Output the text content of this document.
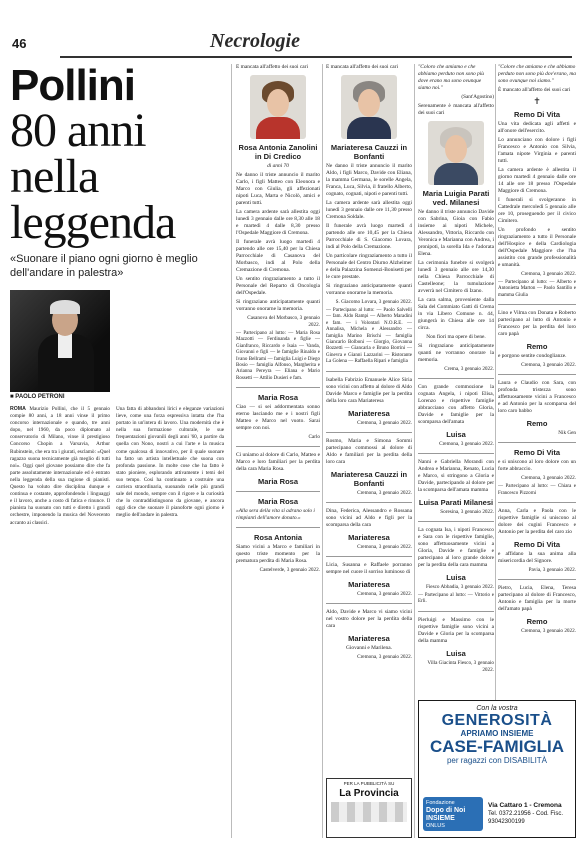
46	Necrologie
Pollini
80 anni
nella
leggenda
«Suonare il piano ogni giorno è meglio dell'andare in palestra»
■ PAOLO PETRONI
ROMA Maurizio Pollini, che il 5 gennaio compie 80 anni, a 18 anni vinse il primo concorso internazionale e quando, tre anni dopo, nel 1960, da poco diplomato al conservatorio di Milano, vinse il prestigioso Concorso Chopin a Varsavia, Arthur Rubinstein, che era tra i giurati, esclamò: «Quel ragazzo suona tecnicamente già meglio di tutti noi». Oggi quel giovane possiamo dire che fa parte assolutamente internazionale ed è entrato nella leggenda della sua ragione di pianisti. Questo ha voluto dire disciplina dunque e continua e costante, approfondendo i linguaggi e il lavoro, anche a costo di fatica e rinunce. Il pianista ha suonato con tutti e diretto i grandi orchestre, imponendo la musica del Novecento accanto ai classici.
Una fatta di abbandoni lirici e eleganze variazioni lieve, come una forza espressiva intatta che l'ha portato in un'intera di lavoro. Una modernità che è nella sua formazione culturale, le sue frequentazioni giovanili degli anni '60, a partire da quella con Nono, nostri a cui l'arte e la musica come qualcosa di innovativo, per il quale suonare ha fatto un artista intellettuale che suona con profonda passione. In molte cose che ha fatto è stato pioniere, esplorando attivamente i temi del suo tempo. Così ha continuato a costruire una carriera straordinaria, suonando nelle più grandi sale del mondo, sempre con il rigore e la curiosità che lo contraddistinguono da giovane, e ancora oggi dice che suonare il pianoforte ogni giorno è meglio dell'andare in palestra.

È mancata all'affetto dei suoi cari

Rosa Antonia Zanolini in Di Credico

di anni 70

Ne danno il triste annuncio il marito Carlo, i figli Matteo con Eleonora e Marco con Giulia, gli affezionati nipoti Luca, Marta e Nicolò, amici e parenti tutti.

La camera ardente sarà allestita oggi lunedì 3 gennaio dalle ore 8,30 alle 18 e martedì 4 dalle 8,30 presso l'Ospedale Maggiore di Cremona.

Il funerale avrà luogo martedì 4 partendo alle ore 15,40 per la Chiesa Parrocchiale di Casanova del Morbasco, indi al Polo della Cremazione di Cremona.

Un sentito ringraziamento a tutto il Personale del Reparto di Oncologia dell'Ospedale.

Si ringraziano anticipatamente quanti vorranno onorarne la memoria.

Casanova del Morbasco, 3 gennaio 2022.

— Partecipano al lutto: — Maria Rosa Mazzotti — Ferdinanda e figlie — Gianfranco, Riccardo e Isaia — Vanda, Giovanni e figli — le famiglie Rinaldo e Ivano Bellrami — famiglia Luigi e Diego Bosio — famiglia Alfonso, Margherita e Arianna Pereyra — Eliana e Mario Rossetti — Attilio Dusieri e fam.

Maria Rosa

Ciao — si sei addormentata sonno eterno lasciando me e i nostri figli Matteo e Marco nel vuoto. Sarai sempre con noi.

Carlo

Ci uniamo al dolore di Carlo, Matteo e Marco e loro familiari per la perdita della cara Maria Rosa.

Maria Rosa
Maria Rosa

«Alla sera della vita si adrano solo i rimpianti dell'amore donato.»

Rosa Antonia

Siamo vicini a Marco e familiari in questo triste momento per la prematura perdita di Maria Rosa.

Castelverde, 3 gennaio 2022.

È mancata all'affetto dei suoi cari

Mariateresa Cauzzi in Bonfanti

Ne danno il triste annuncio il marito Aldo, i figli Marco, Davide con Eliana, la mamma Germana, le sorelle Angela, Franca, Luca, Silvia, il fratello Alberto, cognato, cognati, nipoti e parenti tutti.

La camera ardente sarà allestita oggi lunedì 3 gennaio dalle ore 11,30 presso Cremona Soldale.

Il funerale avrà luogo martedì 4 partendo alle ore 10,45 per la Chiesa Parrocchiale di S. Giacomo Lovara, indi al Polo della Cremazione.

Un particolare ringraziamento a tutto il Personale del Centro Diurno Alzheimer e della Palazzina Somenzi-Bonisetti per le cure prestate.

Si ringraziano anticipatamente quanti vorranno onorarne la memoria.

S. Giacomo Lovara, 3 gennaio 2022.

— Partecipano al lutto: — Paolo Salvelli — fam. Aldo Rampi — Alberto Maradini e fam. — i Volontari N.O.R.E. — Annalisa, Michela e Alessandro — famiglia Marino Brischi — famiglia Giancarlo Bolboni — Giorgio, Giovanna Bozzetti — Giancarla e Bruno Borrini — Ginevra e Gianni Lazzarini — Ristorante La Golena — Raffaella Ripari e famiglia

Isabella Fabrizio Emanuele Alice Siria sono vicini con affetto al dolore di Aldo Davide Marco e famiglie per la perdita della loro cara Mariateresa

Mariateresa

Cremona, 3 gennaio 2022.

Rosmo, Maria e Simona Sommi partecipano commossi al dolore di Aldo e familiari per la perdita della loro cara

Mariateresa Cauzzi in Bonfanti

Cremona, 3 gennaio 2022.

Dina, Federica, Alessandro e Rossana sono vicini ad Aldo e figli per la scomparsa della cara

Mariateresa

Cremona, 3 gennaio 2022.

Licia, Susanna e Raffaele porranno sempre nel cuore il sorriso luminoso di

Mariateresa

Cremona, 3 gennaio 2022.

Aldo, Davide e Marco vi siamo vicini nel vostro dolore per la perdita della cara

Mariateresa

Giovanni e Marilena.

Cremona, 3 gennaio 2022.

PER LA PUBBLICITÀ SU
La Provincia

"Coloro che amiamo e che abbiamo perduto non sono più dove erano ma sono ovunque siamo noi."

(Sant'Agostino)

Serenamente è mancata all'affetto dei suoi cari

Maria Luigia Parati ved. Milanesi

Ne danno il triste annuncio Davide con Sabrina, Gioia con Fabio insieme ai nipoti Michele, Alessandro, Vittoria, Riccardo con Veronica e Marianna con Andrea, i pronipoti, la sorella Ida e l'adorata Elena.

La cerimonia funebre si svolgerà lunedì 3 gennaio alle ore 14,30 nella Chiesa Parrocchiale di Castelleone; la tumulazione avverrà nel Cimitero di Izano.

La cara salma, proveniente dalla Sala del Commiato Gatti di Crema in via Libero Comune n. 44, giungerà in Chiesa alle ore 14 circa.

Non fiori ma opere di bene.

Si ringraziano anticipatamente quanti ne vorranno onorare la memoria.

Crema, 3 gennaio 2022.

Con grande commozione la cognata Angela, i nipoti Elisa, Lorenzo e rispettive famiglie abbracciano con affetto Gloria, Davide e famiglie per la scomparsa dell'amata

Luisa

Cremona, 3 gennaio 2022.

Nanni e Gabriella Morandi con Andrea e Marianna, Renato, Lucia e Marco, si stringono a Gloria e Davide, partecipando al dolore per la scomparsa dell'amata mamma

Luisa Parati Milanesi

Soresina, 3 gennaio 2022.

La cognata Isa, i nipoti Francesco e Sara con le rispettive famiglie, sono affettuosamente vicini a Gloria, Davide e famiglie e partecipano al loro grande dolore per la perdita della cara mamma

Luisa

Fiesco Abbadia, 3 gennaio 2022.

— Partecipano al lutto: — Vittorio e Erli.

Pierluigi e Massimo con le rispettive famiglie sono vicini a Davide e Gloria per la scomparsa della mamma

Luisa

Villa Giacinta Fiesco, 3 gennaio 2022.

"Colore che amiamo e che abbiamo perduto non sono più dov'erano, ma sono ovunque noi siamo."

È mancato all'affetto dei suoi cari

✝
Remo Di Vita

Una vita dedicata agli affetti e all'onore dell'esercito.

Lo annunciano con dolore i figli Francesco e Antonio con Silvia, l'amata nipote Virginia e parenti tutti.

La camera ardente è allestita il giorno martedì 4 gennaio dalle ore 14 alle ore 18 presso l'Ospedale Maggiore di Cremona.

I funerali si svolgeranno in Cattedrale mercoledì 5 gennaio alle ore 10, proseguendo per il civico Cimitero.

Un profondo e sentito ringraziamento a tutto il Personale dell'Hospice e della Cardiologia dell'Ospedale Maggiore che l'ha assistito con grande professionalità e umanità.

Cremona, 3 gennaio 2022.

— Partecipano al lutto: — Alberto e Antonietta Marton — Paolo Santillo e mamma Giulia

Lino e Vilma con Donata e Roberto partecipano al lutto di Antonio e Francesco per la perdita del loro caro papà

Remo

e porgono sentite condoglianze.

Cremona, 3 gennaio 2022.

Laura e Claudio con Sara, con profonda tristezza sono affettuosamente vicini a Francesco e ad Antonio per la scomparsa del loro caro babbo

Remo

Nik Gen

Remo Di Vita

e si uniscono al loro dolore con un forte abbraccio.

Cremona, 3 gennaio 2022.

— Partecipano al lutto: — Chiara e Francesco Pizzorni

Anna, Carla e Paola con le rispettive famiglie si uniscono al dolore dei cugini Francesco e Antonio per la perdita del caro zio

Remo Di Vita

e affidano la sua anima alla misericordia del Signore.

Pavia, 3 gennaio 2022.

Pietro, Lucia, Elena, Teresa partecipano al dolore di Francesco, Antonio e famiglia per la morte dell'amato papà

Remo

Cremona, 3 gennaio 2022.

Con la vostra
GENEROSITÀ
APRIAMO INSIEME
CASE-FAMIGLIA
per ragazzi con DISABILITÀ
Fondazione
Dopo di Noi INSIEME
ONLUS
Via Cattaro 1 - Cremona
Tel. 0372.21956 - Cod. Fisc. 93042300199
